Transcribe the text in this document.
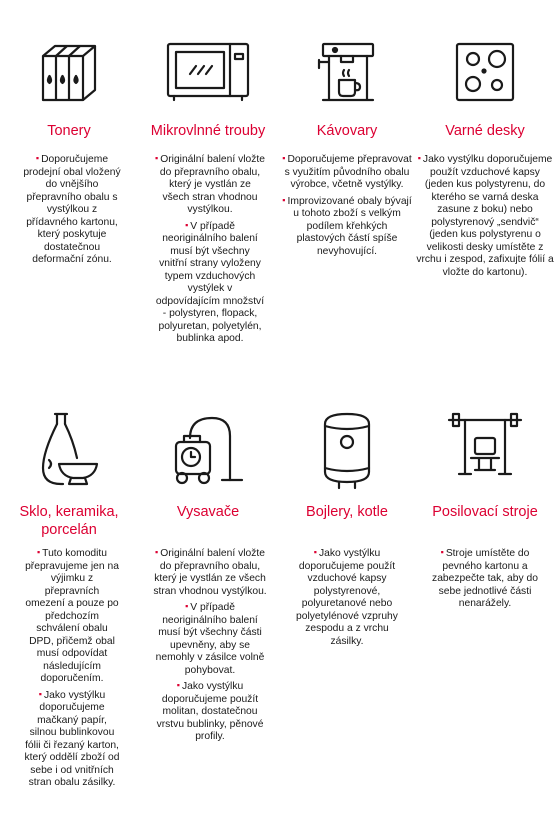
Tonery
▪ Doporučujeme prodejní obal vložený do vnějšího přepravního obalu s vystýlkou z přídavného kartonu, který poskytuje dostatečnou deformační zónu.
Mikrovlnné trouby
▪ Originální balení vložte do přepravního obalu, který je vystlán ze všech stran vhodnou vystýlkou.
▪ V případě neoriginálního balení musí být všechny vnitřní strany vyloženy typem vzduchových vystýlek v odpovídajícím množství - polystyren, flopack, polyuretan, polyetylén, bublinka apod.
Kávovary
▪ Doporučujeme přepravovat s využitím původního obalu výrobce, včetně vystýlky.
▪ Improvizované obaly bývají u tohoto zboží s velkým podílem křehkých plastových částí spíše nevyhovující.
Varné desky
▪ Jako vystýlku doporučujeme použít vzduchové kapsy (jeden kus polystyrenu, do kterého se varná deska zasune z boku) nebo polystyrenový „sendvič“ (jeden kus polystyrenu o velikosti desky umístěte z vrchu i zespod, zafixujte fólií a vložte do kartonu).
Sklo, keramika,
porcelán
▪ Tuto komoditu přepravujeme jen na výjimku z přepravních omezení a pouze po předchozím schválení obalu DPD, přičemž obal musí odpovídat následujícím doporučením.
▪ Jako vystýlku doporučujeme mačkaný papír, silnou bublinkovou fólii či řezaný karton, který oddělí zboží od sebe i od vnitřních stran obalu zásilky.
Vysavače
▪ Originální balení vložte do přepravního obalu, který je vystlán ze všech stran vhodnou vystýlkou.
▪ V případě neoriginálního balení musí být všechny části upevněny, aby se nemohly v zásilce volně pohybovat.
▪ Jako vystýlku doporučujeme použít molitan, dostatečnou vrstvu bublinky, pěnové profily.
Bojlery, kotle
▪ Jako vystýlku doporučujeme použít vzduchové kapsy polystyrenové, polyuretanové nebo polyetylénové vzpruhy zespodu a z vrchu zásilky.
Posilovací stroje
▪ Stroje umístěte do pevného kartonu a zabezpečte tak, aby do sebe jednotlivé části nenarážely.
